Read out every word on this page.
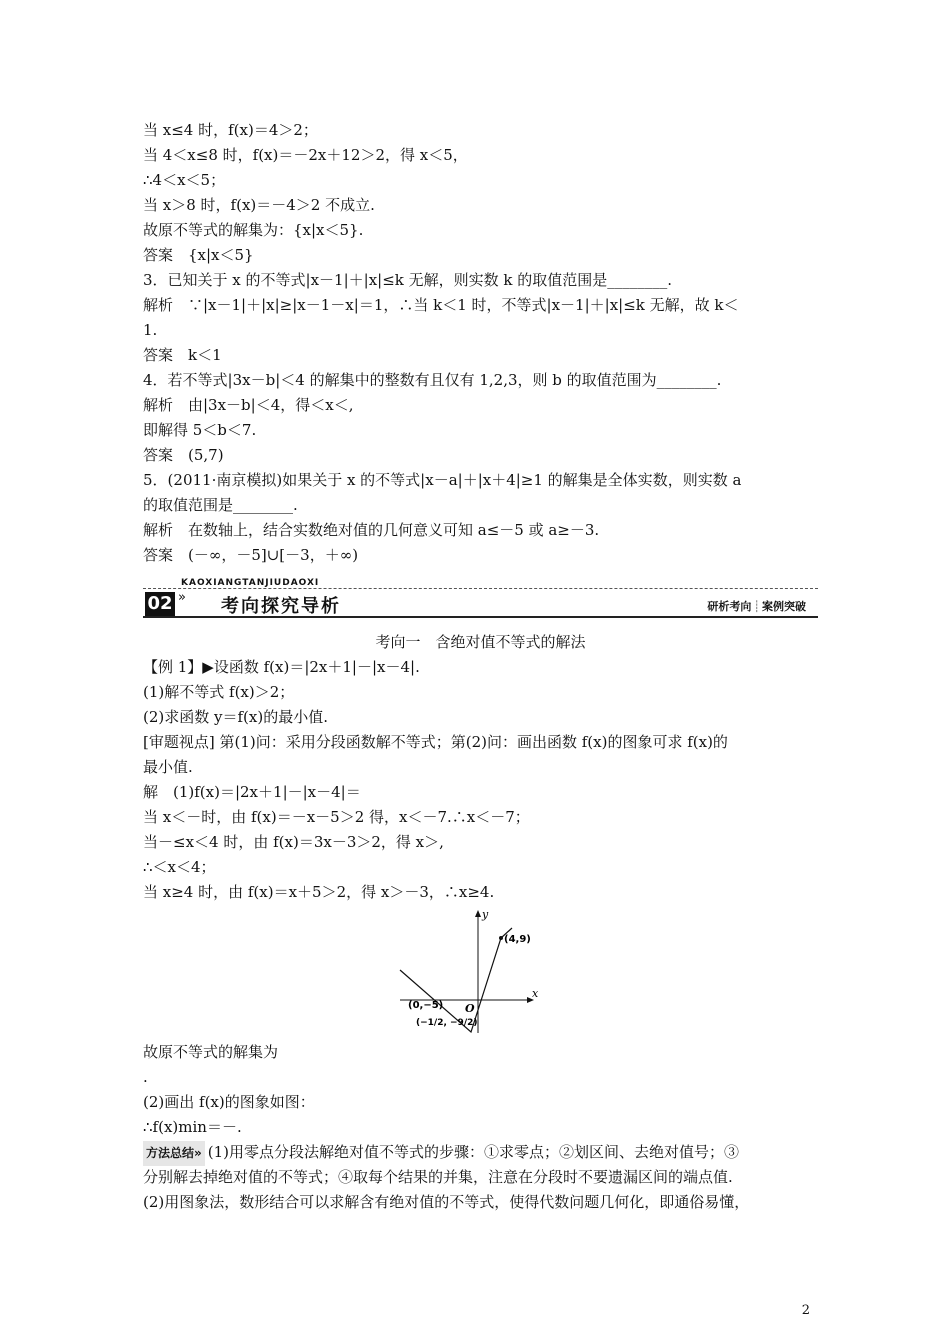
当 x≤4 时，f(x)＝4＞2；
当 4＜x≤8 时，f(x)＝－2x＋12＞2，得 x＜5，
∴4＜x＜5；
当 x＞8 时，f(x)＝－4＞2 不成立.
故原不等式的解集为：{x|x＜5}.
答案　{x|x＜5}
3．已知关于 x 的不等式|x－1|＋|x|≤k 无解，则实数 k 的取值范围是________.
解析　∵|x－1|＋|x|≥|x－1－x|＝1，∴当 k＜1 时，不等式|x－1|＋|x|≤k 无解，故 k＜
1.
答案　k＜1
4．若不等式|3x－b|＜4 的解集中的整数有且仅有 1,2,3，则 b 的取值范围为________.
解析　由|3x－b|＜4，得＜x＜,
即解得 5＜b＜7.
答案　(5,7)
5．(2011·南京模拟)如果关于 x 的不等式|x－a|＋|x＋4|≥1 的解集是全体实数，则实数 a
的取值范围是________.
解析　在数轴上，结合实数绝对值的几何意义可知 a≤－5 或 a≥－3.
答案　(－∞，－5]∪[－3，＋∞)
KAOXIANGTANJIUDAOXI
02 » 考向探究导析	研析考向 ┊ 案例突破
考向一　含绝对值不等式的解法
【例 1】▶设函数 f(x)＝|2x＋1|－|x－4|.
(1)解不等式 f(x)＞2；
(2)求函数 y＝f(x)的最小值.
[审题视点] 第(1)问：采用分段函数解不等式；第(2)问：画出函数 f(x)的图象可求 f(x)的
最小值.
解　(1)f(x)＝|2x＋1|－|x－4|＝
当 x＜－时，由 f(x)＝－x－5＞2 得，x＜－7.∴x＜－7；
当－≤x＜4 时，由 f(x)＝3x－3＞2，得 x＞,
∴＜x＜4；
当 x≥4 时，由 f(x)＝x＋5＞2，得 x＞－3，∴x≥4.
y
x
O
(4,9)
(0,−5)
(−1/2, −9/2)
故原不等式的解集为
.
(2)画出 f(x)的图象如图：
∴f(x)min＝－.
方法总结» (1)用零点分段法解绝对值不等式的步骤：①求零点；②划区间、去绝对值号；③
分别解去掉绝对值的不等式；④取每个结果的并集，注意在分段时不要遗漏区间的端点值.
(2)用图象法，数形结合可以求解含有绝对值的不等式，使得代数问题几何化，即通俗易懂，
2
